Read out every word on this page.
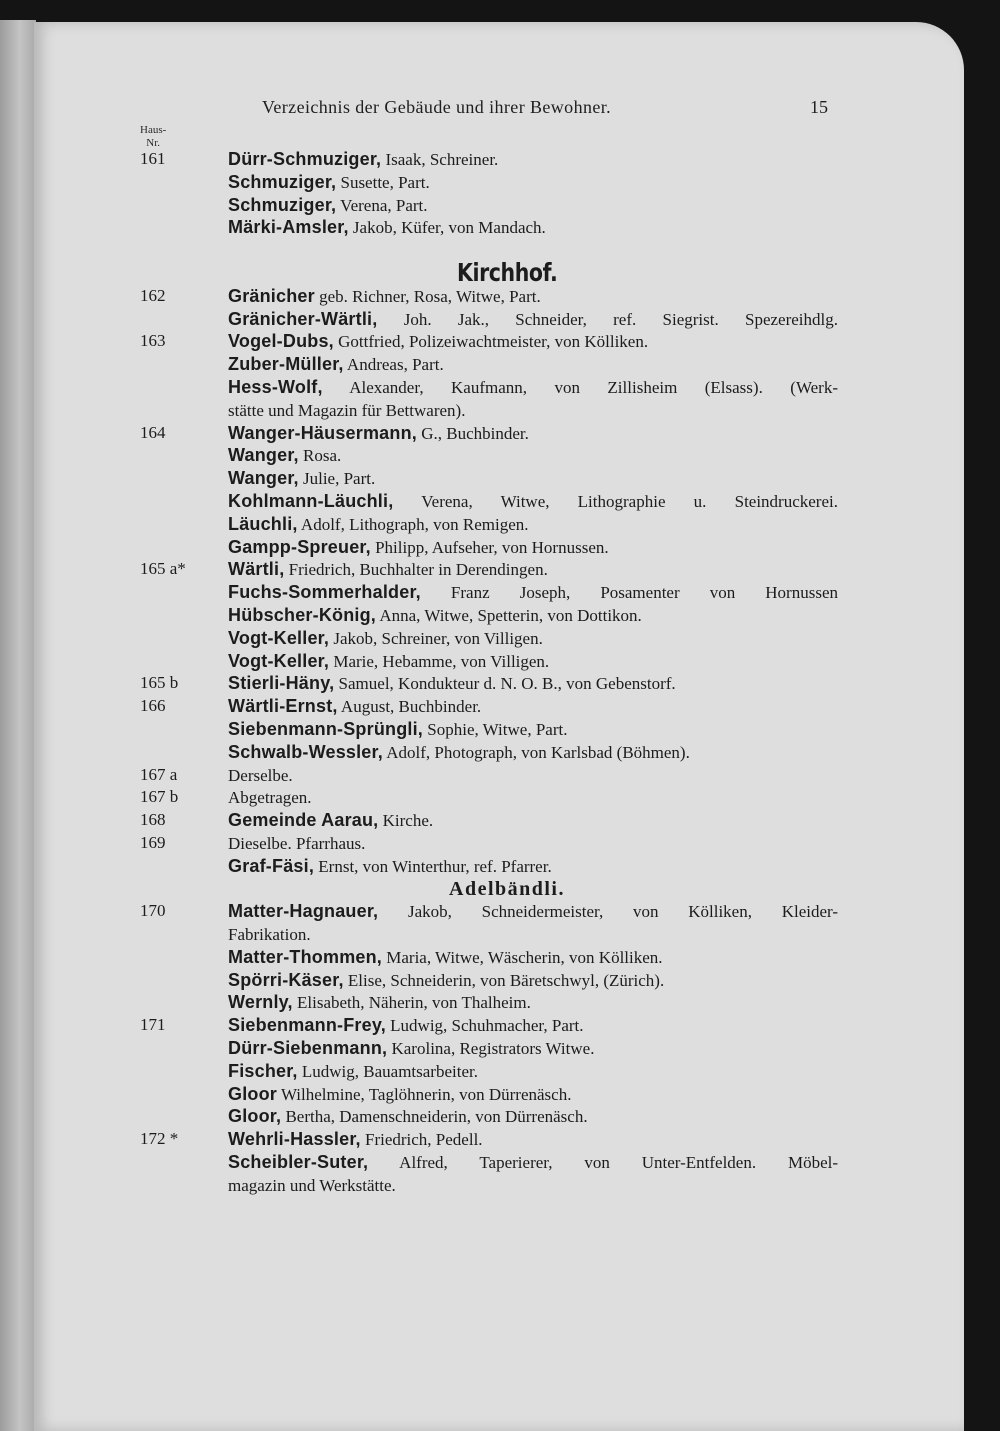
Verzeichnis der Gebäude und ihrer Bewohner.	15
Haus-
Nr.
161	Dürr-Schmuziger, Isaak, Schreiner.
Schmuziger, Susette, Part.
Schmuziger, Verena, Part.
Märki-Amsler, Jakob, Küfer, von Mandach.
Kirchhof.
162	Gränicher geb. Richner, Rosa, Witwe, Part.
Gränicher-Wärtli, Joh. Jak., Schneider, ref. Siegrist. Spezereihdlg.
163	Vogel-Dubs, Gottfried, Polizeiwachtmeister, von Kölliken.
Zuber-Müller, Andreas, Part.
Hess-Wolf, Alexander, Kaufmann, von Zillisheim (Elsass). (Werk-
stätte und Magazin für Bettwaren).
164	Wanger-Häusermann, G., Buchbinder.
Wanger, Rosa.
Wanger, Julie, Part.
Kohlmann-Läuchli, Verena, Witwe, Lithographie u. Steindruckerei.
Läuchli, Adolf, Lithograph, von Remigen.
Gampp-Spreuer, Philipp, Aufseher, von Hornussen.
165 a*	Wärtli, Friedrich, Buchhalter in Derendingen.
Fuchs-Sommerhalder, Franz Joseph, Posamenter von Hornussen
Hübscher-König, Anna, Witwe, Spetterin, von Dottikon.
Vogt-Keller, Jakob, Schreiner, von Villigen.
Vogt-Keller, Marie, Hebamme, von Villigen.
165 b	Stierli-Häny, Samuel, Kondukteur d. N. O. B., von Gebenstorf.
166	Wärtli-Ernst, August, Buchbinder.
Siebenmann-Sprüngli, Sophie, Witwe, Part.
Schwalb-Wessler, Adolf, Photograph, von Karlsbad (Böhmen).
167 a	Derselbe.
167 b	Abgetragen.
168	Gemeinde Aarau, Kirche.
169	Dieselbe. Pfarrhaus.
Graf-Fäsi, Ernst, von Winterthur, ref. Pfarrer.
Adelbändli.
170	Matter-Hagnauer, Jakob, Schneidermeister, von Kölliken, Kleider-
Fabrikation.
Matter-Thommen, Maria, Witwe, Wäscherin, von Kölliken.
Spörri-Käser, Elise, Schneiderin, von Bäretschwyl, (Zürich).
Wernly, Elisabeth, Näherin, von Thalheim.
171	Siebenmann-Frey, Ludwig, Schuhmacher, Part.
Dürr-Siebenmann, Karolina, Registrators Witwe.
Fischer, Ludwig, Bauamtsarbeiter.
Gloor Wilhelmine, Taglöhnerin, von Dürrenäsch.
Gloor, Bertha, Damenschneiderin, von Dürrenäsch.
172 *	Wehrli-Hassler, Friedrich, Pedell.
Scheibler-Suter, Alfred, Taperierer, von Unter-Entfelden. Möbel-
magazin und Werkstätte.
